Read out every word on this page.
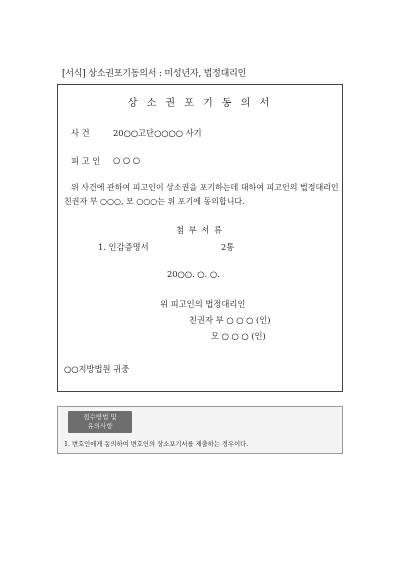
[서식] 상소권포기동의서 : 미성년자, 법정대리인
상 소 권 포 기 동 의 서
사 건	20○○고단○○○○ 사기
피 고 인 ○ ○ ○
위 사건에 관하여 피고인이 상소권을 포기하는데 대하여 피고인의 법정대리인
친권자 부 ○○○, 모 ○○○는 위 포기에 동의합니다.
첨 부 서 류
1. 인감증명서	2통
20○○. ○. ○.
위 피고인의 법정대리인
친권자 부 ○ ○ ○ (인)
모 ○ ○ ○ (인)
○○지방법원 귀중
접수방법 및
유의사항
1. 변호인에게 동의하여 변호인의 상소포기서를 제출하는 경우이다.
